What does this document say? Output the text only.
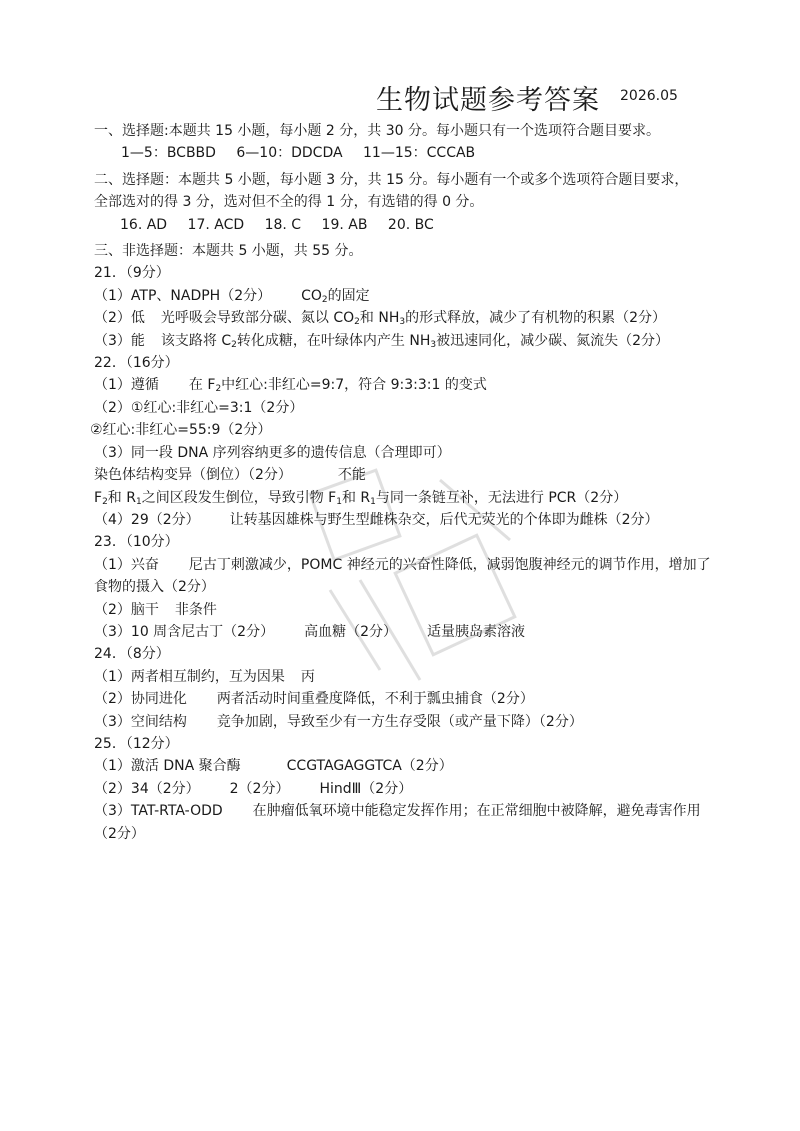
生物试题参考答案 2026.05
一、选择题:本题共 15 小题，每小题 2 分，共 30 分。每小题只有一个选项符合题目要求。
1—5：BCBBD 6—10：DDCDA 11—15：CCCAB
二、选择题：本题共 5 小题，每小题 3 分，共 15 分。每小题有一个或多个选项符合题目要求，
全部选对的得 3 分，选对但不全的得 1 分，有选错的得 0 分。
16. AD 17. ACD 18. C 19. AB 20. BC
三、非选择题：本题共 5 小题，共 55 分。
21．（9分）
（1）ATP、NADPH（2分） $CO_2$的固定
（2）低 光呼吸会导致部分碳、氮以 $CO_2$和 $NH_3$的形式释放，减少了有机物的积累（2分）
（3）能 该支路将 $C_2$转化成糖，在叶绿体内产生 $NH_3$被迅速同化，减少碳、氮流失（2分）
22．（16分）
（1）遵循 在 $F_2$中红心:非红心=9:7，符合 9:3:3:1 的变式
（2）①红心:非红心=3:1（2分）
②红心:非红心=55:9（2分）
（3）同一段 DNA 序列容纳更多的遗传信息（合理即可）
染色体结构变异（倒位）（2分）	不能
$F_2$和 $R_1$之间区段发生倒位，导致引物 $F_1$和 $R_1$与同一条链互补，无法进行 PCR（2分）
（4）29（2分） 让转基因雄株与野生型雌株杂交，后代无荧光的个体即为雌株（2分）
23．（10分）
（1）兴奋 尼古丁刺激减少，POMC 神经元的兴奋性降低，减弱饱腹神经元的调节作用，增加了食物的摄入（2分）
（2）脑干 非条件
（3）10 周含尼古丁（2分） 高血糖（2分） 适量胰岛素溶液
24．（8分）
（1）两者相互制约，互为因果 丙
（2）协同进化 两者活动时间重叠度降低，不利于瓢虫捕食（2分）
（3）空间结构 竞争加剧，导致至少有一方生存受限（或产量下降）（2分）
25．（12分）
（1）激活 DNA 聚合酶	CCGTAGAGGTCA（2分）
（2）34（2分） 2（2分） HindⅢ（2分）
（3）TAT-RTA-ODD 在肿瘤低氧环境中能稳定发挥作用；在正常细胞中被降解，避免毒害作用（2分）
